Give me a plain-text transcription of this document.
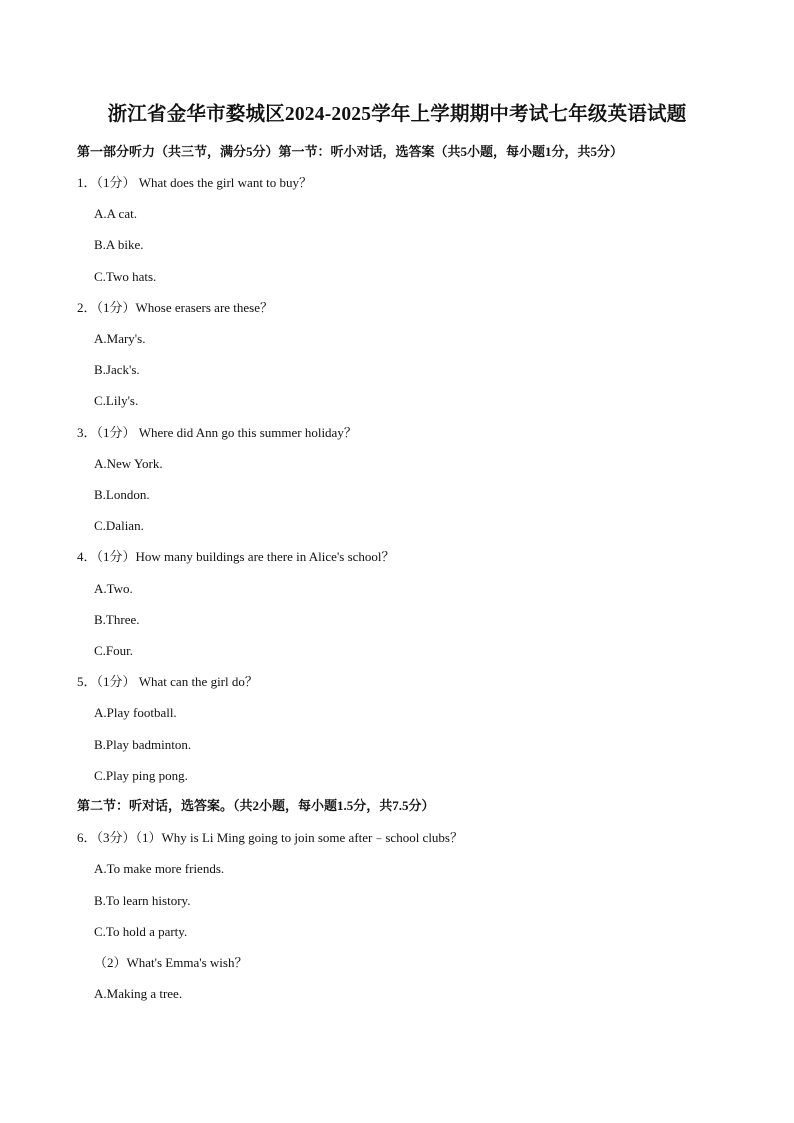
浙江省金华市婺城区2024-2025学年上学期期中考试七年级英语试题
第一部分听力（共三节，满分5分）第一节：听小对话，选答案（共5小题，每小题1分，共5分）
1．（1分） What does the girl want to buy？
A.A cat.
B.A bike.
C.Two hats.
2．（1分）Whose erasers are these？
A.Mary's.
B.Jack's.
C.Lily's.
3．（1分） Where did Ann go this summer holiday？
A.New York.
B.London.
C.Dalian.
4．（1分）How many buildings are there in Alice's school？
A.Two.
B.Three.
C.Four.
5．（1分） What can the girl do？
A.Play football.
B.Play badminton.
C.Play ping pong.
第二节：听对话，选答案。（共2小题，每小题1.5分，共7.5分）
6．（3分）（1）Why is Li Ming going to join some after﹣school clubs？
A.To make more friends.
B.To learn history.
C.To hold a party.
（2）What's Emma's wish？
A.Making a tree.
